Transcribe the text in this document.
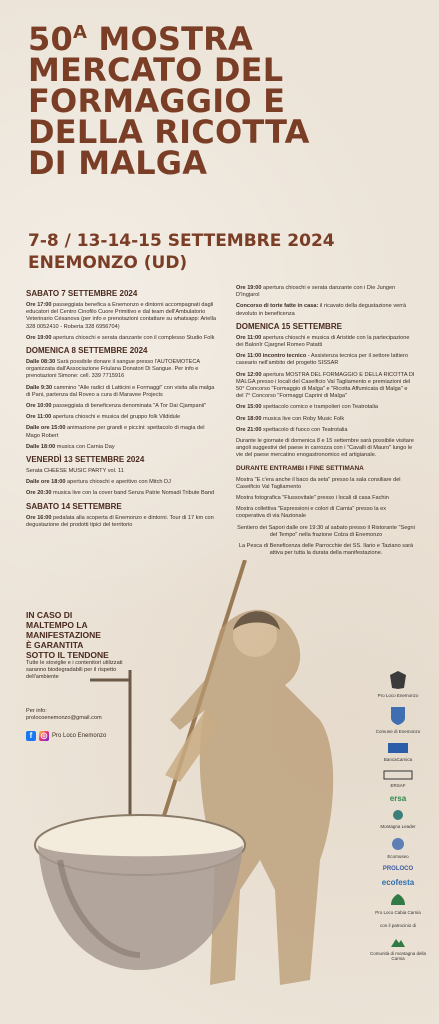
$50^A$ MOSTRA
MERCATO DEL
FORMAGGIO E
DELLA RICOTTA
DI MALGA
7-8 / 13-14-15 SETTEMBRE 2024
ENEMONZO (UD)
SABATO 7 SETTEMBRE 2024
Ore 17:00 passeggiata benefica a Enemonzo e dintorni accompagnati dagli educatori del Centro Cinofilo Cuore Primitivo e dal team dell'Ambulatorio Veterinario Césanova (per info e prenotazioni contattare su whatsapp: Ariella 328 0052410 - Roberta 328 6956704)
Ore 19:00 apertura chioschi e serata danzante con il complesso Studio Folk
DOMENICA 8 SETTEMBRE 2024
Dalle 08:30 Sarà possibile donare il sangue presso l'AUTOEMOTECA organizzata dall'Associazione Friulana Donatori Di Sangue. Per info e prenotazioni Simone: cell. 339 7715916
Dalle 9:30 cammino "Alle radici di Latticini e Formaggi" con visita alla malga di Pani, partenza dal Roveo a cura di Maravee Projects
Ore 10:00 passeggiata di beneficenza denominata "A Tor Dai Cjampanii"
Ore 11:00 apertura chioschi e musica del gruppo folk Vildidule
Dalle ore 15:00 animazione per grandi e piccini: spettacolo di magia del Mago Robert
Dalle 18:00 musica con Carnia Day
VENERDÌ 13 SETTEMBRE 2024
Serata CHEESE MUSIC PARTY vol. 11
Dalle ore 18:00 apertura chioschi e aperitivo con Mitch DJ
Ore 20:30 musica live con la cover band Senza Patrie Nomadi Tribute Band
SABATO 14 SETTEMBRE
Ore 16:00 pedalata alla scoperta di Enemonzo e dintorni. Tour di 17 km con degustazione dei prodotti tipici del territorio
Ore 19:00 apertura chioschi e serata danzante con i Die Jungen D'Ingjarol
Concorso di torte fatte in casa: il ricavato della degustazione verrà devoluto in beneficenza
DOMENICA 15 SETTEMBRE
Ore 11:00 apertura chioschi e musica di Aristide con la partecipazione dei Balonîr Cjargnel Romeo Patatti
Ore 11:00 incontro tecnico - Assistenza tecnica per il settore lattiero caseario nell'ambito del progetto SISSAR
Ore 12:00 apertura MOSTRA DEL FORMAGGIO E DELLA RICOTTA DI MALGA presso i locali del Caseificio Val Tagliamento e premiazioni del 50° Concorso "Formaggio di Malga" e "Ricotta Affumicata di Malga" e del 7° Concorso "Formaggi Caprini di Malga"
Ore 15:00 spettacolo comico e trampolieri con Teatrotalia
Ore 18:00 musica live con Roby Music Folk
Ore 21:00 spettacolo di fuoco con Teatrotalia
Durante le giornate di domenica 8 e 15 settembre sarà possibile visitare angoli suggestivi del paese in carrozza con i "Cavalli di Mauro" lungo le vie del paese mercatino enogastronomico ed artigianale.
DURANTE ENTRAMBI I FINE SETTIMANA
Mostra "E c'era anche il baco da seta" presso la sala consiliare del Caseificio Val Tagliamento
Mostra fotografica "Flussovitale" presso i locali di casa Fachin
Mostra collettiva "Espressioni e colori di Carnia" presso la ex cooperativa di via Nazionale
Sentiero dei Sapori dalle ore 19:30 al sabato presso il Ristorante "Segni del Tempo" nella frazione Colza di Enemonzo
La Pesca di Beneficenza delle Parrocchie dei SS. Ilario e Taziano sarà attiva per tutta la durata della manifestazione.
IN CASO DI
MALTEMPO LA
MANIFESTAZIONE
È GARANTITA
SOTTO IL TENDONE
Tutte le stoviglie e i contenitori utilizzati saranno biodegradabili per il rispetto dell'ambiente
Per info:
prolocoenemonzo@gmail.com
f	◎ Pro Loco Enemonzo
Pro Loco Enemonzo
Comune di Enemonzo
BancaCarnica
ERSAF
ersa
Montagna Leader
Ecomuseo
PROLOCO
ecofesta
Pro Loco Cabia Carnia
con il patrocinio di
Comunità di montagna della Carnia
